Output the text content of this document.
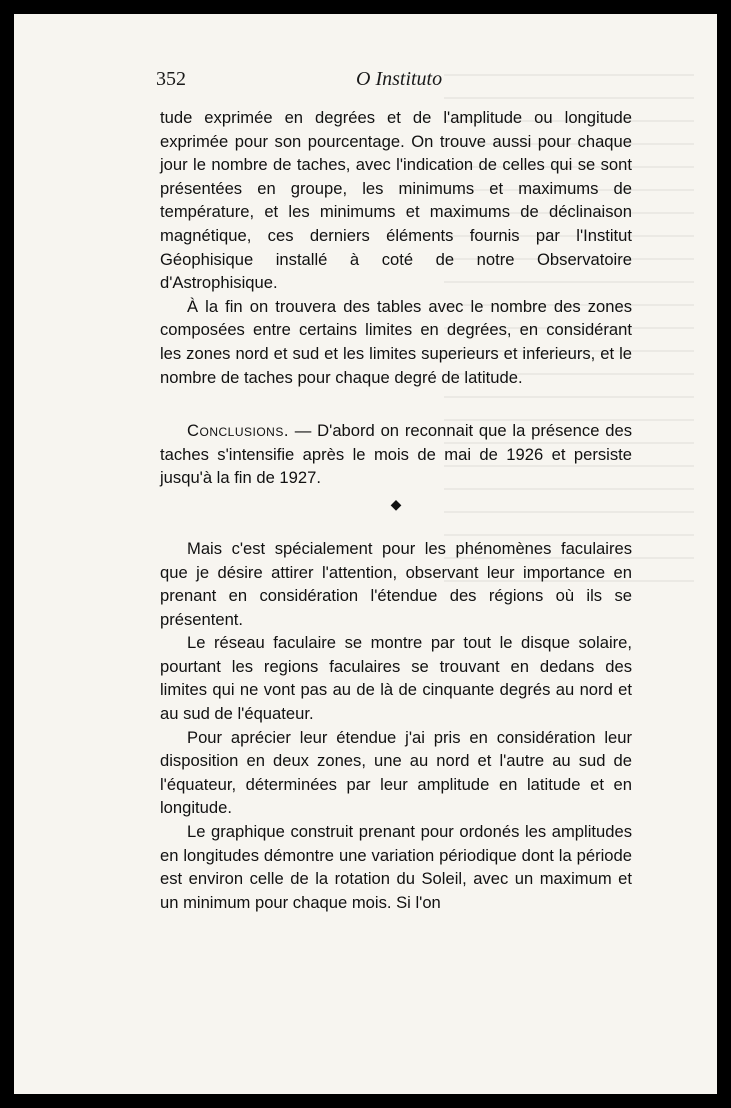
352	O Instituto

tude exprimée en degrées et de l'amplitude ou longitude exprimée pour son pourcentage. On trouve aussi pour chaque jour le nombre de taches, avec l'indication de celles qui se sont présentées en groupe, les minimums et maximums de température, et les minimums et maximums de déclinaison magnétique, ces derniers éléments fournis par l'Institut Géophisique installé à coté de notre Observatoire d'Astrophisique.

À la fin on trouvera des tables avec le nombre des zones composées entre certains limites en degrées, en considérant les zones nord et sud et les limites superieurs et inferieurs, et le nombre de taches pour chaque degré de latitude.

Conclusions. — D'abord on reconnait que la présence des taches s'intensifie après le mois de mai de 1926 et persiste jusqu'à la fin de 1927.

◆

Mais c'est spécialement pour les phénomènes faculaires que je désire attirer l'attention, observant leur importance en prenant en considération l'étendue des régions où ils se présentent.

Le réseau faculaire se montre par tout le disque solaire, pourtant les regions faculaires se trouvant en dedans des limites qui ne vont pas au de là de cinquante degrés au nord et au sud de l'équateur.

Pour aprécier leur étendue j'ai pris en considération leur disposition en deux zones, une au nord et l'autre au sud de l'équateur, déterminées par leur amplitude en latitude et en longitude.

Le graphique construit prenant pour ordonés les amplitudes en longitudes démontre une variation périodique dont la période est environ celle de la rotation du Soleil, avec un maximum et un minimum pour chaque mois. Si l'on
